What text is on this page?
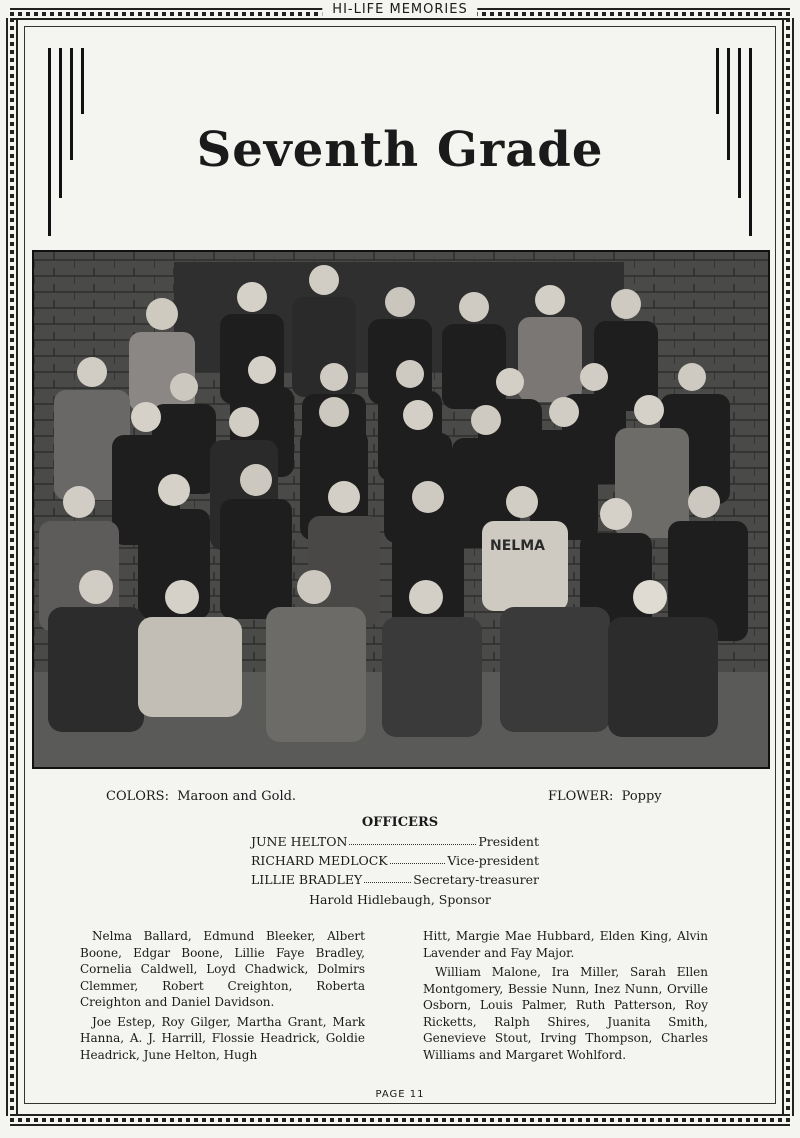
HI-LIFE MEMORIES
Seventh Grade
NELMA
COLORS: Maroon and Gold.	FLOWER: Poppy
OFFICERS
JUNE HELTON	President
RICHARD MEDLOCK	Vice-president
LILLIE BRADLEY	Secretary-treasurer
Harold Hidlebaugh, Sponsor

Nelma Ballard, Edmund Bleeker, Albert Boone, Edgar Boone, Lillie Faye Bradley, Cornelia Caldwell, Loyd Chadwick, Dolmirs Clemmer, Robert Creighton, Roberta Creighton and Daniel Davidson.

Joe Estep, Roy Gilger, Martha Grant, Mark Hanna, A. J. Harrill, Flossie Headrick, Goldie Headrick, June Helton, Hugh

Hitt, Margie Mae Hubbard, Elden King, Alvin Lavender and Fay Major.

William Malone, Ira Miller, Sarah Ellen Montgomery, Bessie Nunn, Inez Nunn, Orville Osborn, Louis Palmer, Ruth Patterson, Roy Ricketts, Ralph Shires, Juanita Smith, Genevieve Stout, Irving Thompson, Charles Williams and Margaret Wohlford.

PAGE 11
